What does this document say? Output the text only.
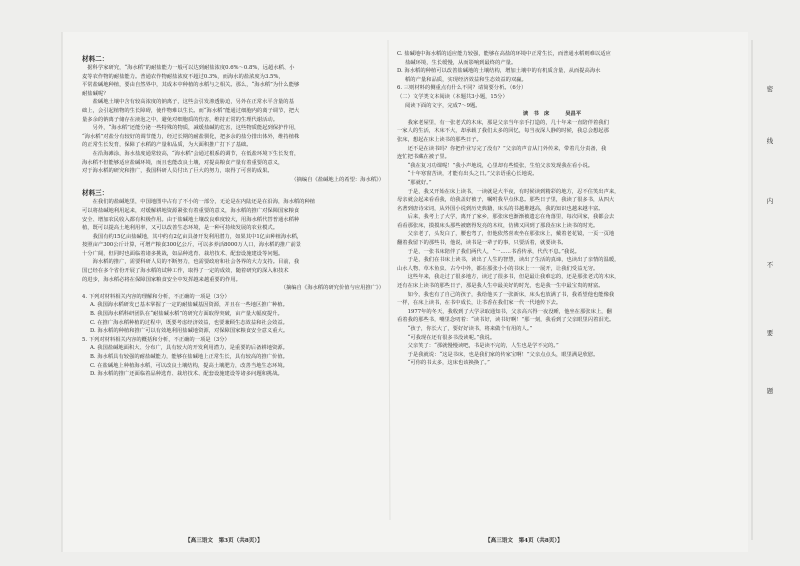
材料二：

　据科学家研究，“海水稻”的耐盐能力一般可以达到耐盐浓度0.6%～0.8%，远超水稻、小

麦等农作物的耐盐能力。普通农作物耐盐浓度不超过0.3%，而海水的盐浓度为3.5%，

平常盐碱地种植，要由自然界中，其成本中种植的水稻与之相关。那么，“海水稻”为什么能够

耐盐碱呢？

　　盐碱地土壤中含有较高浓度的钠离子，这些会引发渗透胁迫，另外在正常水平含量的基

础上，会引起植物的生长障碍，使作物难以生长。而“海水稻”能通过细胞内的离子调节，把大

量多余的钠离子储存在液泡之中，避免对细胞质的伤害，维持正常的生理代谢活动。

　　另外，“海水稻”还能分泌一些特殊的物质，减缓盐碱的危害，这些物质能起到保护作用，

“海水稻”对盐分有较好的调节能力，经过长期的耐盐驯化，把多余的盐分排出体外，维持植株

的正常生长发育，保障了水稻的产量和品质，为大面积推广打下了基础。

　　在沿海滩涂，海水盐度通常较高，“海水稻”会通过根系的调节，在低盐环境下生长发育，

海水稻不但能够适应盐碱环境，而且也能改良土壤，对提高粮食产量有着重要的意义，

对于海水稻的研究和推广，我国科研人员付出了巨大的努力，取得了可喜的成果。

（摘编自《盐碱地上的希望：海水稻》）

材料三：

　　在我们的盐碱地里，中国地图中占有了不小的一部分，无论是在内陆还是在沿海，海水稻的种植

可以将盐碱地利用起来，对缓解耕地资源紧张有着重要的意义，海水稻的推广对保障国家粮食

安全、增加农民收入都有积极作用。由于盐碱地土壤改良难度较大，用海水稻代替普通水稻种

植，既可以提高土地利用率，又可以改善生态环境，是一种可持续发展的农业模式。

　　我国有约15亿亩盐碱地，其中约有2亿亩具备开发利用潜力，如果其中1亿亩种植海水稻，

按照亩产300公斤计算，可增产粮食300亿公斤，可以多养活8000万人口，海水稻的推广前景

十分广阔，但同时也面临着诸多挑战，如品种选育、栽培技术、配套设施建设等问题。

　　海水稻的推广，需要科研人员的不断努力，也需要政府和社会各界的大力支持。目前，我

国已经在多个省份开展了海水稻的试种工作，取得了一定的成效，随着研究的深入和技术

的进步，海水稻必将在保障国家粮食安全中发挥越来越重要的作用。

（摘编自《海水稻的研究价值与应用推广》）

4. 下列对材料相关内容的理解和分析，不正确的一项是（3分）

A. 我国海水稻研发已基本掌握了一定的耐盐碱基因资源，并且在一些地区推广种植。

B. 我国海水稻科研团队在“耐盐碱水稻”的研究方面取得突破，亩产量大幅度提升。

C. 在推广海水稻种植的过程中，既要考虑经济效益，也要兼顾生态效益和社会效益。

D. 海水稻的种植和推广可以有效地利用盐碱地资源，对保障国家粮食安全意义重大。

5. 下列对材料相关内容的概括和分析，不正确的一项是（3分）

A. 我国盐碱地面积大、分布广，具有较大的开发利用潜力，是重要的后备耕地资源。

B. 海水稻具有较强的耐盐碱能力，能够在盐碱地上正常生长，具有较高的推广价值。

C. 在盐碱地上种植海水稻，可以改良土壤结构，提高土壤肥力，改善当地生态环境。

D. 海水稻的推广还面临着品种选育、栽培技术、配套设施建设等诸多问题和挑战。

C. 盐碱地中海水稻的适应能力较强，能够在高盐的环境中正常生长，而普通水稻则难以适应

盐碱环境，生长缓慢，从而影响到最终的产量。

D. 海水稻的种植可以改善盐碱地的土壤结构，增加土壤中的有机质含量，从而提高海水

稻的产量和品质，实现经济效益和生态效益的双赢。

6. 三则材料的侧重点有什么不同？请简要分析。（6分）

（二）文学类文本阅读（本题共3小题，15分）

阅读下面的文字，完成7～9题。

读　书　床　　　吴昌平

　　我家老屋里，有一张老式的木床，那是父亲当年亲手打造的，几十年来一直陪伴着我们

一家人的生活，木床不大，却承载了我们太多的回忆，每当夜深人静的时候，我总会想起那

张床，想起在床上读书的那些日子。

　　还不是在读书吗？你把作业写完了没有？”父亲的声音从门外传来，带着几分责备，我

连忙把书藏在被子里。

　　“我在复习功课呢！”我小声地说，心里却有些慌张，生怕父亲发现我在看小说。

　　“十年寒窗苦读，才能有出头之日。”父亲语重心长地说。

　　“那就好。”

　　于是，我又开始在床上读书，一读就是大半夜，有时候读到精彩的地方，忍不住笑出声来，

母亲就会起来看看我，给我盖好被子，嘱咐我早点休息。那些日子里，我读了很多书，从四大

名著到唐诗宋词，从外国小说到历史典籍，床头的书越堆越高，我的知识也越来越丰富。

　　后来，我考上了大学，离开了家乡，那张床也渐渐被遗忘在角落里，每次回家，我都会去

看看那张床，摸摸床头那些被磨得发亮的木纹，仿佛又回到了那段在床上读书的时光。

　　父亲老了，头发白了，腰也弯了，但他依然喜欢坐在那张床上，戴着老花镜，一页一页地

翻着我留下的那些书，他说，读书是一辈子的事，只要活着，就要读书。

　　于是，一张书床陪伴了我们两代人，“一……书香传承，代代不息。”我说。

　　于是，我们在书床上读书，读出了人生的智慧，读出了生活的真谛，也读出了亲情的温暖，

山水人物、草木鱼虫、古今中外，都在那张小小的书床上一一展开，让我们受益无穷。

　　这些年来，我走过了很多地方，读过了很多书，但是最让我难忘的，还是那张老式的木床，

还有在床上读书的那些日子，那是我人生中最美好的时光，也是我一生中最宝贵的财富。

　　如今，我也有了自己的孩子，我给他买了一张新床，床头也放满了书，我希望他也能像我

一样，在床上读书，在书中成长，让书香在我们家一代一代地传下去。

　　1977年的冬天，我收到了大学录取通知书，父亲高兴得一夜没睡，他坐在那张床上，翻

看着我的那些书，嘴里念叨着：“读书好，读书好啊！”那一刻，我看到了父亲眼里闪着泪光。

　　“孩子，你长大了，要好好读书，将来做个有用的人。”

　　“可我现在还有很多书没读呢。”我说。

　　父亲笑了：“那就慢慢读吧，书是读不完的，人生也是学不完的。”

　　于是我就说：“这是书床，也是我们家的传家宝啊！”父亲点点头，眼里满是欣慰。

　　“可你的书太多，这床也该换换了。”

【高三语文　第3页（共8页）】	【高三语文　第4页（共8页）】
密
线
内
不
要
题
